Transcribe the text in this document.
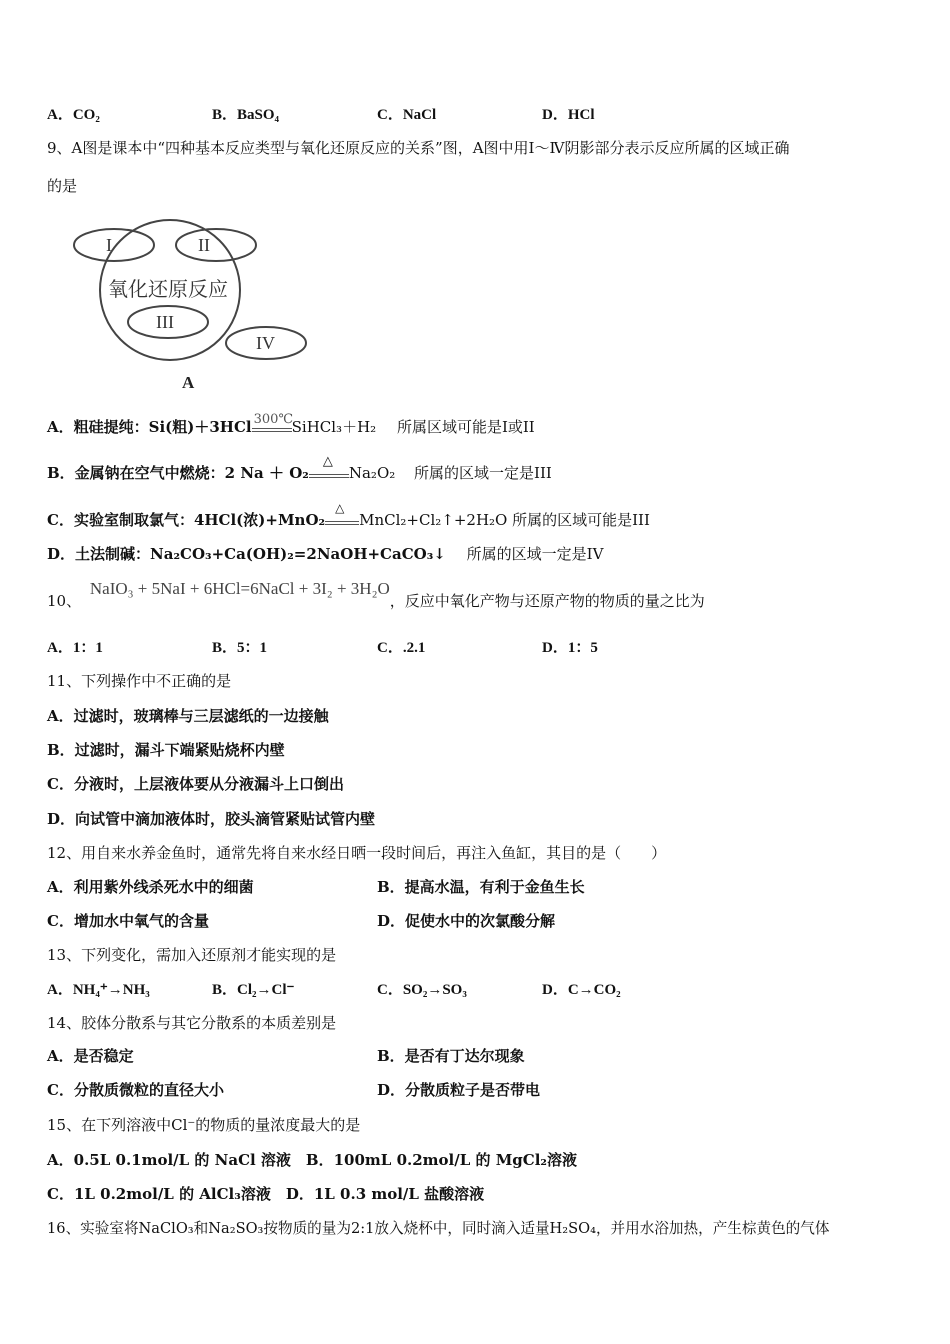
A．CO₂	B．BaSO₄	C．NaCl	D．HCl
9、A图是课本中“四种基本反应类型与氧化还原反应的关系”图，A图中用Ⅰ～Ⅳ阴影部分表示反应所属的区域正确
的是
I	II
氧化还原反应
III
IV
A
A．粗硅提纯：Si(粗)＋3HCl 300℃
SiHCl₃＋H₂ 所属区域可能是Ⅰ或II
B．金属钠在空气中燃烧：2 Na ＋ O₂
△
Na₂O₂ 所属的区域一定是III
C．实验室制取氯气：4HCl(浓)+MnO₂
△
MnCl₂+Cl₂↑+2H₂O 所属的区域可能是III
D．土法制碱：Na₂CO₃+Ca(OH)₂=2NaOH+CaCO₃↓ 所属的区域一定是IV
10、 NaIO₃ + 5NaI + 6HCl=6NaCl + 3I₂ + 3H₂O，反应中氧化产物与还原产物的物质的量之比为
A．1：1	B．5：1	C．.2.1	D．1：5
11、下列操作中不正确的是
A．过滤时，玻璃棒与三层滤纸的一边接触
B．过滤时，漏斗下端紧贴烧杯内壁
C．分液时，上层液体要从分液漏斗上口倒出
D．向试管中滴加液体时，胶头滴管紧贴试管内壁
12、用自来水养金鱼时，通常先将自来水经日晒一段时间后，再注入鱼缸，其目的是（　　）
A．利用紫外线杀死水中的细菌	B．提高水温，有利于金鱼生长
C．增加水中氧气的含量	D．促使水中的次氯酸分解
13、下列变化，需加入还原剂才能实现的是
A．NH₄⁺→NH₃	B．Cl₂→Cl⁻	C．SO₂→SO₃	D．C→CO₂
14、胶体分散系与其它分散系的本质差别是
A．是否稳定	B．是否有丁达尔现象
C．分散质微粒的直径大小	D．分散质粒子是否带电
15、在下列溶液中Cl⁻的物质的量浓度最大的是
A．0.5L 0.1mol/L 的 NaCl 溶液　B．100mL 0.2mol/L 的 MgCl₂溶液
C．1L 0.2mol/L 的 AlCl₃溶液　D．1L 0.3 mol/L 盐酸溶液
16、实验室将NaClO₃和Na₂SO₃按物质的量为2:1放入烧杯中，同时滴入适量H₂SO₄，并用水浴加热，产生棕黄色的气体
